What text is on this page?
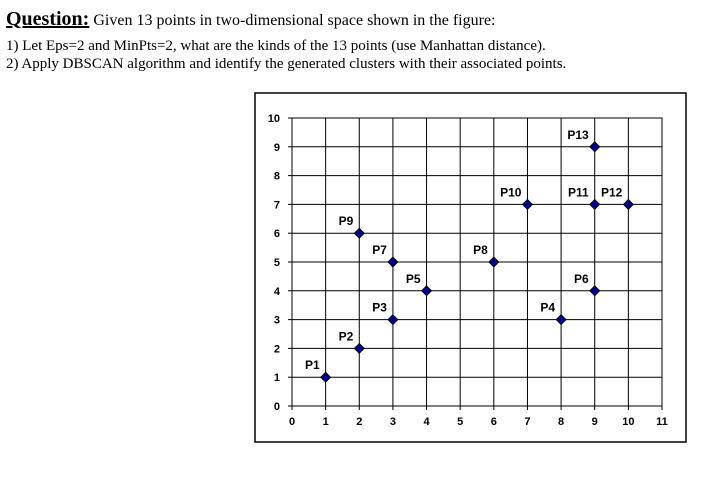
Question: Given 13 points in two-dimensional space shown in the figure:
1) Let Eps=2 and MinPts=2, what are the kinds of the 13 points (use Manhattan distance).
2) Apply DBSCAN algorithm and identify the generated clusters with their associated points.
0	1	2	3	4	5	6	7	8	9 10 11
0
1
2
3
4
5
6
7
8
9
10
P1
P2
P3	P4
P5	P6
P7	P8
P9
P10	P11 P12
P13
